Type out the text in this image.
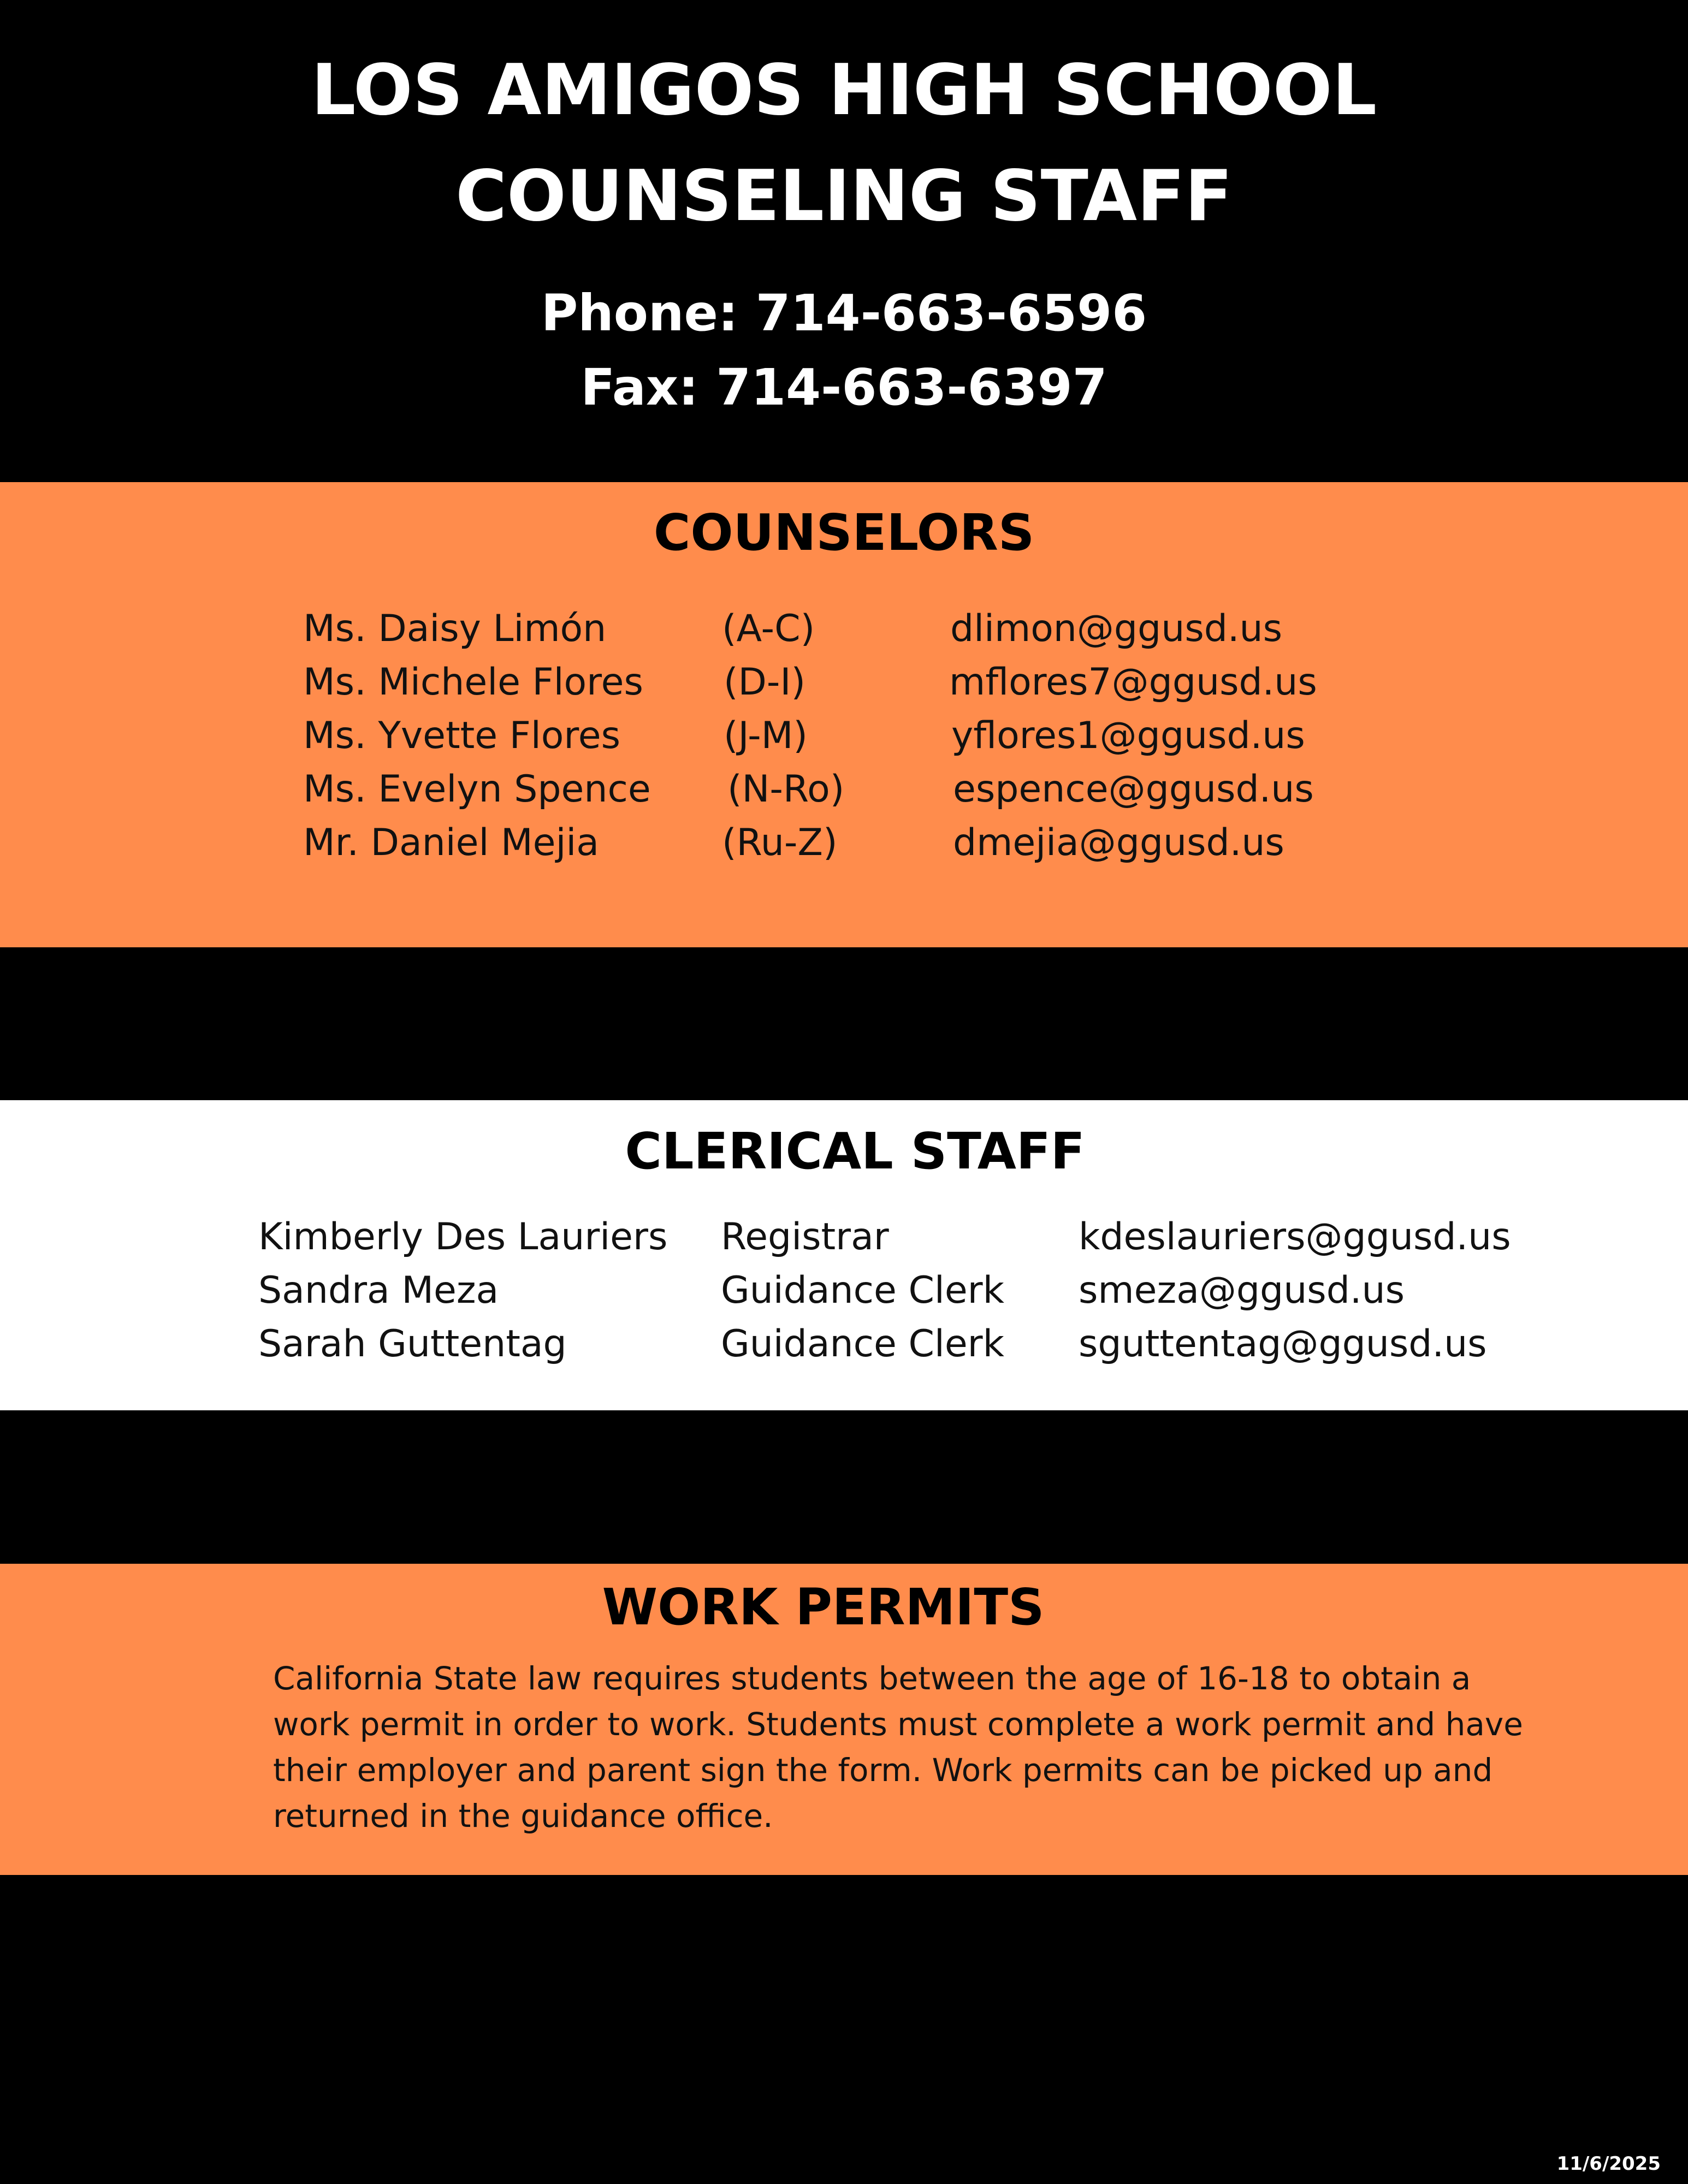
LOS AMIGOS HIGH SCHOOL
COUNSELING STAFF
Phone: 714-663-6596
Fax: 714-663-6397
COUNSELORS
Ms. Daisy Limón	(A-C)	dlimon@ggusd.us
Ms. Michele Flores (D-I)	mflores7@ggusd.us
Ms. Yvette Flores	(J-M)	yflores1@ggusd.us
Ms. Evelyn Spence (N-Ro)	espence@ggusd.us
Mr. Daniel Mejia	(Ru-Z)	dmejia@ggusd.us
CLERICAL STAFF
Kimberly Des Lauriers Registrar	kdeslauriers@ggusd.us
Sandra Meza	Guidance Clerk smeza@ggusd.us
Sarah Guttentag	Guidance Clerk sguttentag@ggusd.us
WORK PERMITS
California State law requires students between the age of 16-18 to obtain a work permit in order to work. Students must complete a work permit and have their employer and parent sign the form. Work permits can be picked up and returned in the guidance office.
11/6/2025
